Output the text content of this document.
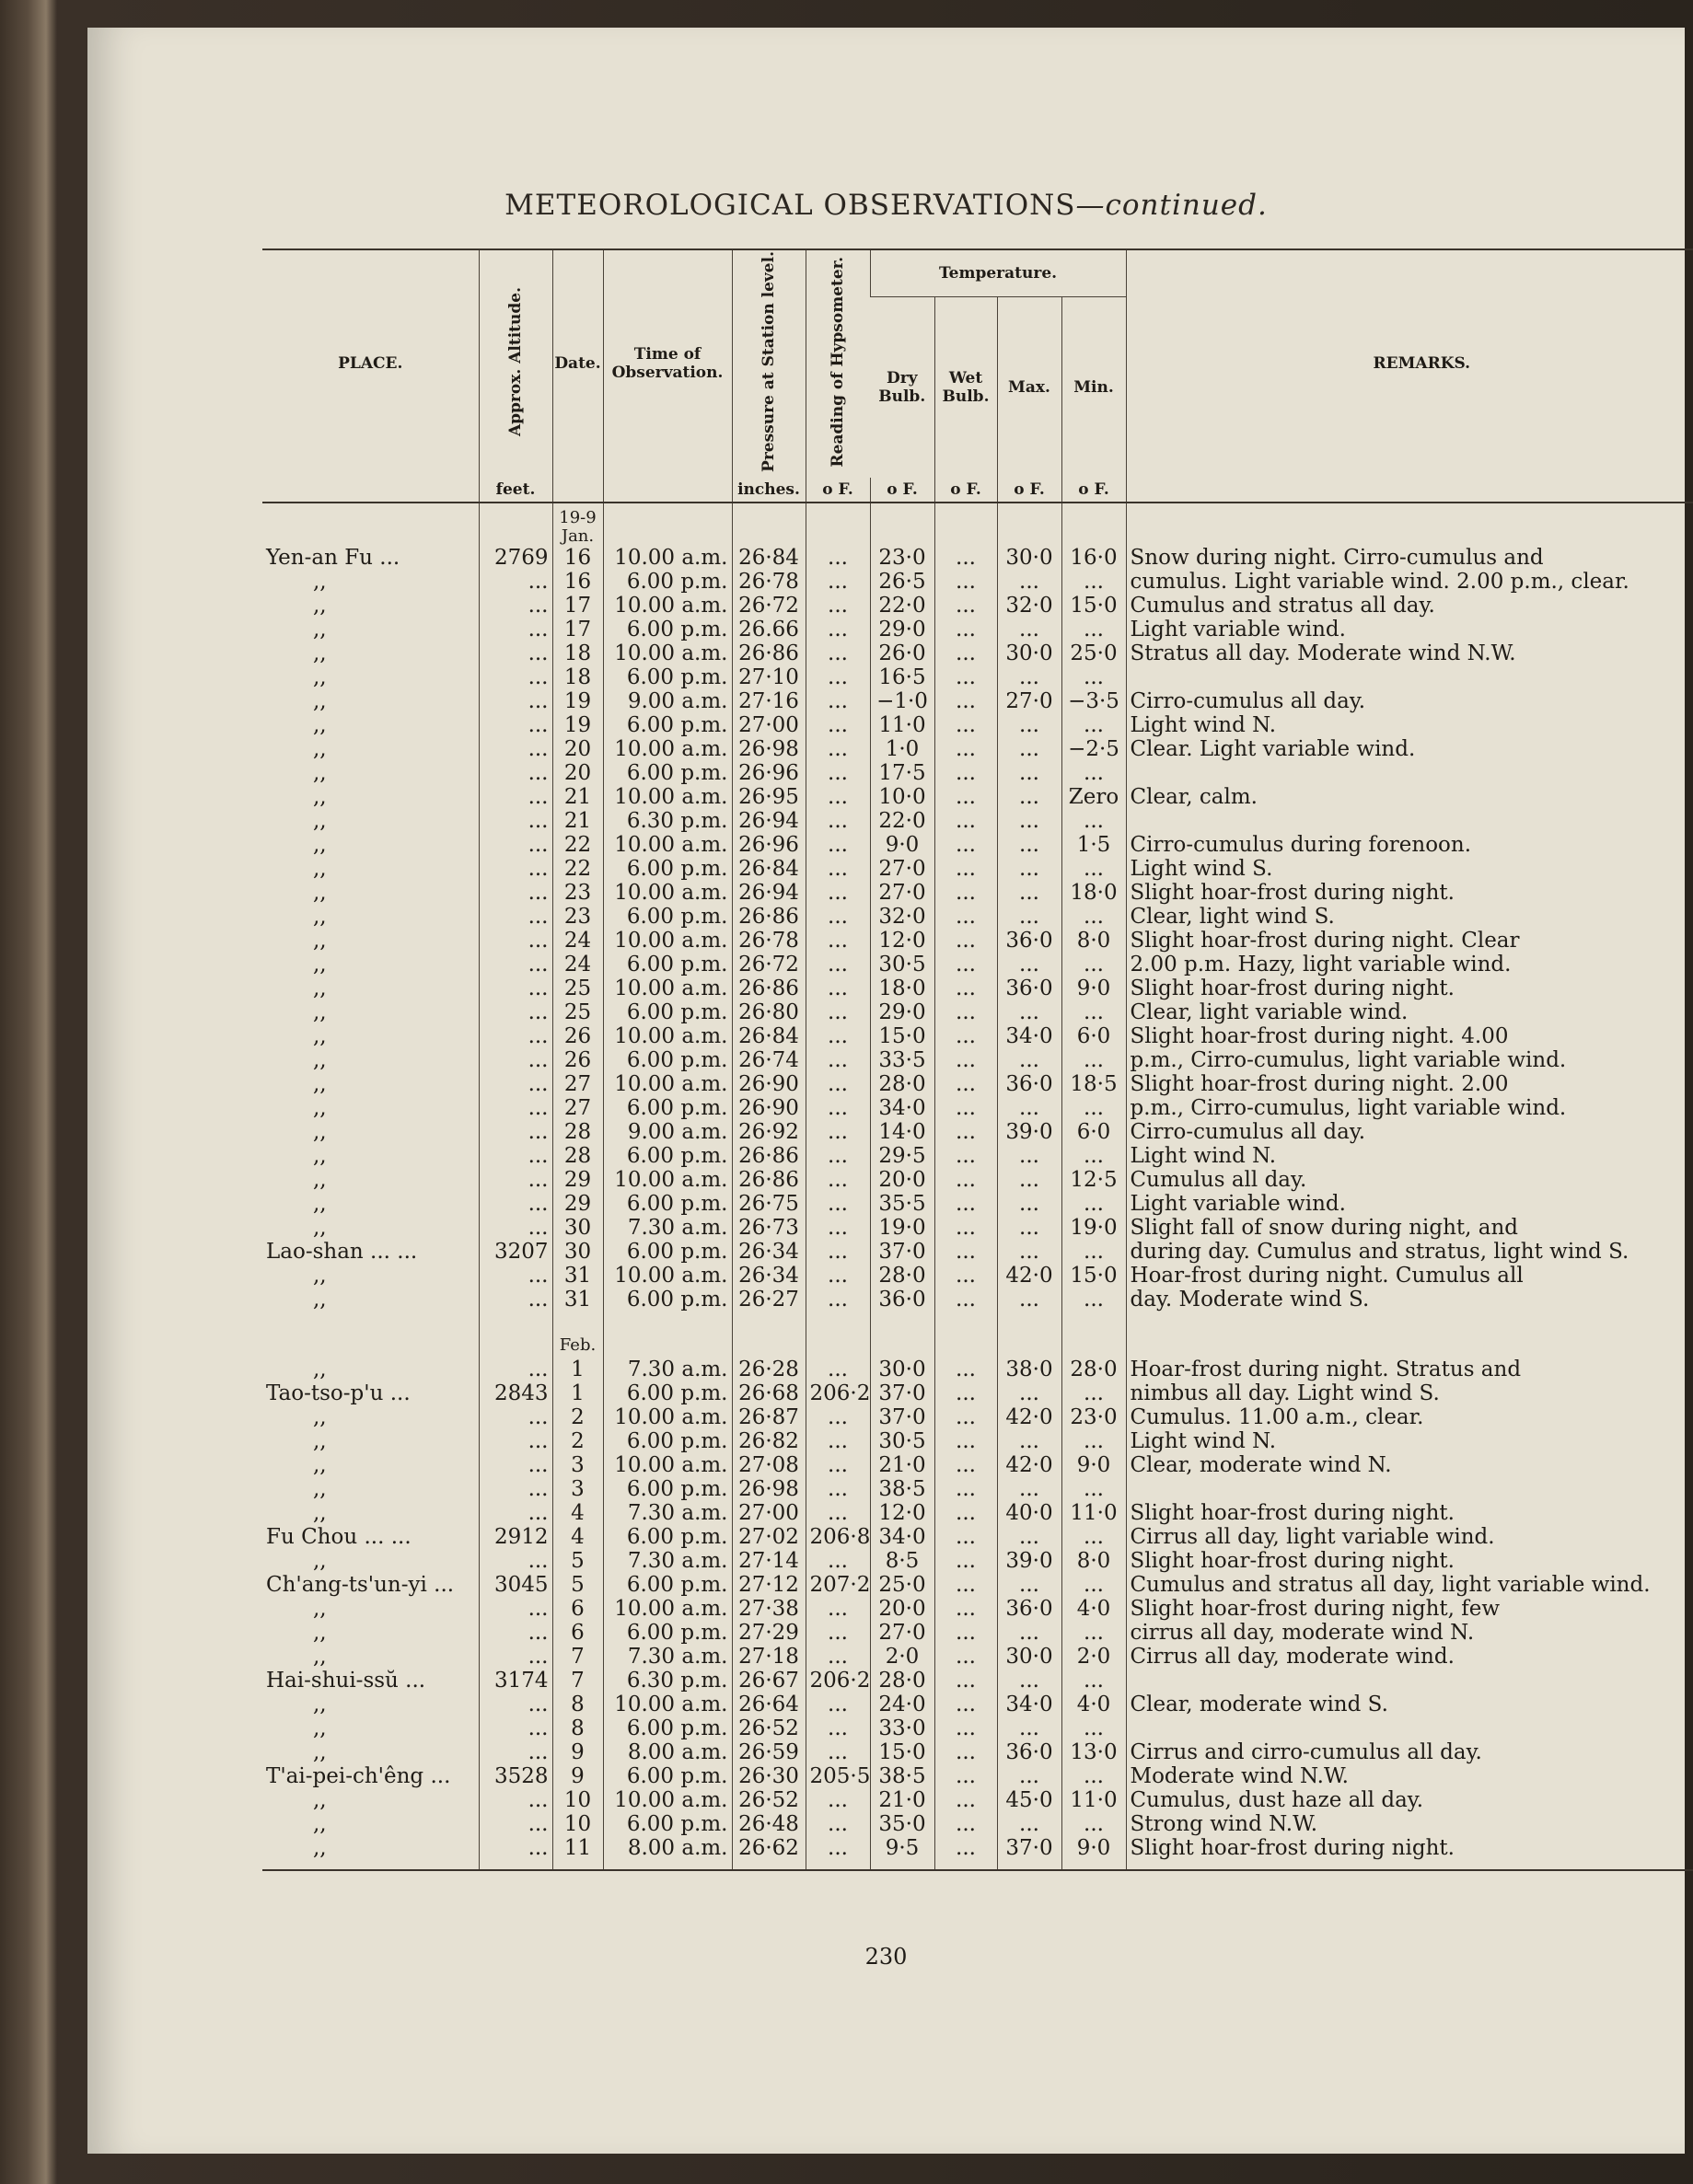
METEOROLOGICAL OBSERVATIONS—continued.
PLACE.	Approx. Altitude.	Date.	Time of Observation.	Pressure at Station level.	Reading of Hypsometer.	Temperature.				REMARKS.
						Dry Bulb.	Wet Bulb.	Max.	Min.	
	feet.			inches.	o F.	o F.	o F.	o F.	o F.	

		19-9
Jan.								

Yen-an Fu ...	2769	16	10.00 a.m.	26·84	...	23·0	...	30·0	16·0	Snow during night. Cirro-cumulus and
,,	...	16	6.00 p.m.	26·78	...	26·5	...	...	...	cumulus. Light variable wind. 2.00 p.m., clear.
,,	...	17	10.00 a.m.	26·72	...	22·0	...	32·0	15·0	Cumulus and stratus all day.
,,	...	17	6.00 p.m.	26.66	...	29·0	...	...	...	Light variable wind.
,,	...	18	10.00 a.m.	26·86	...	26·0	...	30·0	25·0	Stratus all day. Moderate wind N.W.
,,	...	18	6.00 p.m.	27·10	...	16·5	...	...	...	
,,	...	19	9.00 a.m.	27·16	...	−1·0	...	27·0	−3·5	Cirro-cumulus all day.
,,	...	19	6.00 p.m.	27·00	...	11·0	...	...	...	Light wind N.
,,	...	20	10.00 a.m.	26·98	...	1·0	...	...	−2·5	Clear. Light variable wind.
,,	...	20	6.00 p.m.	26·96	...	17·5	...	...	...	
,,	...	21	10.00 a.m.	26·95	...	10·0	...	...	Zero	Clear, calm.
,,	...	21	6.30 p.m.	26·94	...	22·0	...	...	...	
,,	...	22	10.00 a.m.	26·96	...	9·0	...	...	1·5	Cirro-cumulus during forenoon.
,,	...	22	6.00 p.m.	26·84	...	27·0	...	...	...	Light wind S.
,,	...	23	10.00 a.m.	26·94	...	27·0	...	...	18·0	Slight hoar-frost during night.
,,	...	23	6.00 p.m.	26·86	...	32·0	...	...	...	Clear, light wind S.
,,	...	24	10.00 a.m.	26·78	...	12·0	...	36·0	8·0	Slight hoar-frost during night. Clear
,,	...	24	6.00 p.m.	26·72	...	30·5	...	...	...	2.00 p.m. Hazy, light variable wind.
,,	...	25	10.00 a.m.	26·86	...	18·0	...	36·0	9·0	Slight hoar-frost during night.
,,	...	25	6.00 p.m.	26·80	...	29·0	...	...	...	Clear, light variable wind.
,,	...	26	10.00 a.m.	26·84	...	15·0	...	34·0	6·0	Slight hoar-frost during night. 4.00
,,	...	26	6.00 p.m.	26·74	...	33·5	...	...	...	p.m., Cirro-cumulus, light variable wind.
,,	...	27	10.00 a.m.	26·90	...	28·0	...	36·0	18·5	Slight hoar-frost during night. 2.00
,,	...	27	6.00 p.m.	26·90	...	34·0	...	...	...	p.m., Cirro-cumulus, light variable wind.
,,	...	28	9.00 a.m.	26·92	...	14·0	...	39·0	6·0	Cirro-cumulus all day.
,,	...	28	6.00 p.m.	26·86	...	29·5	...	...	...	Light wind N.
,,	...	29	10.00 a.m.	26·86	...	20·0	...	...	12·5	Cumulus all day.
,,	...	29	6.00 p.m.	26·75	...	35·5	...	...	...	Light variable wind.
,,	...	30	7.30 a.m.	26·73	...	19·0	...	...	19·0	Slight fall of snow during night, and
Lao-shan ... ...	3207	30	6.00 p.m.	26·34	...	37·0	...	...	...	during day. Cumulus and stratus, light wind S.
,,	...	31	10.00 a.m.	26·34	...	28·0	...	42·0	15·0	Hoar-frost during night. Cumulus all
,,	...	31	6.00 p.m.	26·27	...	36·0	...	...	...	day. Moderate wind S.
		Feb.								
,,	...	1	7.30 a.m.	26·28	...	30·0	...	38·0	28·0	Hoar-frost during night. Stratus and
Tao-tso-p'u ...	2843	1	6.00 p.m.	26·68	206·2	37·0	...	...	...	nimbus all day. Light wind S.
,,	...	2	10.00 a.m.	26·87	...	37·0	...	42·0	23·0	Cumulus. 11.00 a.m., clear.
,,	...	2	6.00 p.m.	26·82	...	30·5	...	...	...	Light wind N.
,,	...	3	10.00 a.m.	27·08	...	21·0	...	42·0	9·0	Clear, moderate wind N.
,,	...	3	6.00 p.m.	26·98	...	38·5	...	...	...	
,,	...	4	7.30 a.m.	27·00	...	12·0	...	40·0	11·0	Slight hoar-frost during night.
Fu Chou ... ...	2912	4	6.00 p.m.	27·02	206·8	34·0	...	...	...	Cirrus all day, light variable wind.
,,	...	5	7.30 a.m.	27·14	...	8·5	...	39·0	8·0	Slight hoar-frost during night.
Ch'ang-ts'un-yi ...	3045	5	6.00 p.m.	27·12	207·2	25·0	...	...	...	Cumulus and stratus all day, light variable wind.
,,	...	6	10.00 a.m.	27·38	...	20·0	...	36·0	4·0	Slight hoar-frost during night, few
,,	...	6	6.00 p.m.	27·29	...	27·0	...	...	...	cirrus all day, moderate wind N.
,,	...	7	7.30 a.m.	27·18	...	2·0	...	30·0	2·0	Cirrus all day, moderate wind.
Hai-shui-ssŭ ...	3174	7	6.30 p.m.	26·67	206·2	28·0	...	...	...	
,,	...	8	10.00 a.m.	26·64	...	24·0	...	34·0	4·0	Clear, moderate wind S.
,,	...	8	6.00 p.m.	26·52	...	33·0	...	...	...	
,,	...	9	8.00 a.m.	26·59	...	15·0	...	36·0	13·0	Cirrus and cirro-cumulus all day.
T'ai-pei-ch'êng ...	3528	9	6.00 p.m.	26·30	205·5	38·5	...	...	...	Moderate wind N.W.
,,	...	10	10.00 a.m.	26·52	...	21·0	...	45·0	11·0	Cumulus, dust haze all day.
,,	...	10	6.00 p.m.	26·48	...	35·0	...	...	...	Strong wind N.W.
,,	...	11	8.00 a.m.	26·62	...	9·5	...	37·0	9·0	Slight hoar-frost during night.

230
